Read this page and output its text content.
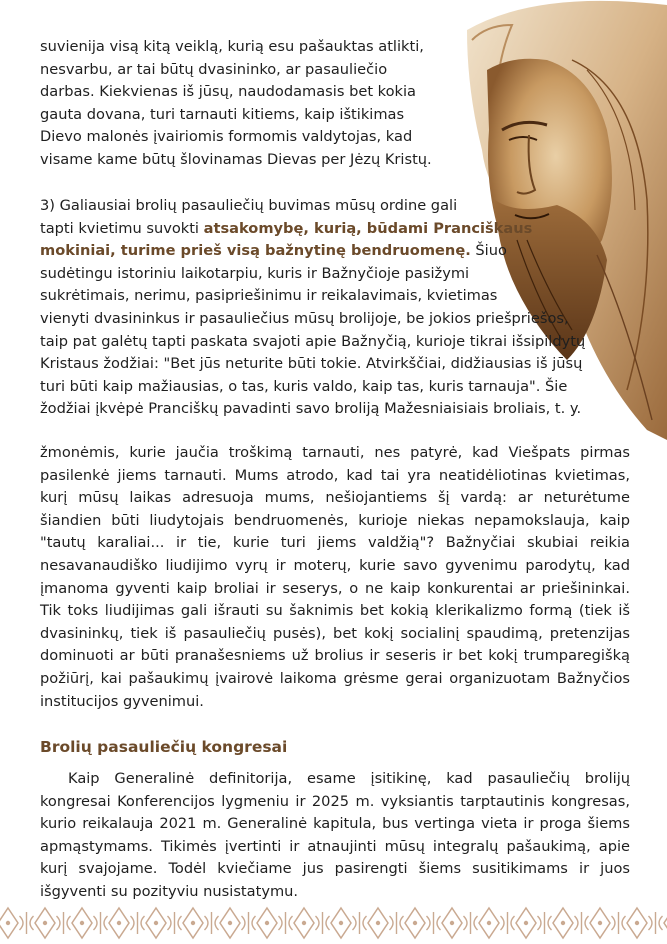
suvienija visą kitą veiklą, kurią esu pašauktas atlikti,
nesvarbu, ar tai būtų dvasininko, ar pasauliečio
darbas. Kiekvienas iš jūsų, naudodamasis bet kokia
gauta dovana, turi tarnauti kitiems, kaip ištikimas
Dievo malonės įvairiomis formomis valdytojas, kad
visame kame būtų šlovinamas Dievas per Jėzų Kristų.
3) Galiausiai brolių pasauliečių buvimas mūsų ordine gali
tapti kvietimu suvokti atsakomybę, kurią, būdami Pranciškaus
mokiniai, turime prieš visą bažnytinę bendruomenę. Šiuo
sudėtingu istoriniu laikotarpiu, kuris ir Bažnyčioje pasižymi
sukrėtimais, nerimu, pasipriešinimu ir reikalavimais, kvietimas
vienyti dvasininkus ir pasauliečius mūsų brolijoje, be jokios priešpriešos,
taip pat galėtų tapti paskata svajoti apie Bažnyčią, kurioje tikrai išsipildytų
Kristaus žodžiai: "Bet jūs neturite būti tokie. Atvirkščiai, didžiausias iš jūsų
turi būti kaip mažiausias, o tas, kuris valdo, kaip tas, kuris tarnauja". Šie
žodžiai įkvėpė Pranciškų pavadinti savo broliją Mažesniaisiais broliais, t. y.
žmonėmis, kurie jaučia troškimą tarnauti, nes patyrė, kad Viešpats pirmas pasilenkė jiems tarnauti. Mums atrodo, kad tai yra neatidėliotinas kvietimas, kurį mūsų laikas adresuoja mums, nešiojantiems šį vardą: ar neturėtume šiandien būti liudytojais bendruomenės, kurioje niekas nepamokslauja, kaip "tautų karaliai... ir tie, kurie turi jiems valdžią"? Bažnyčiai skubiai reikia nesavanaudiško liudijimo vyrų ir moterų, kurie savo gyvenimu parodytų, kad įmanoma gyventi kaip broliai ir seserys, o ne kaip konkurentai ar priešininkai. Tik toks liudijimas gali išrauti su šaknimis bet kokią klerikalizmo formą (tiek iš dvasininkų, tiek iš pasauliečių pusės), bet kokį socialinį spaudimą, pretenzijas dominuoti ar būti pranašesniems už brolius ir seseris ir bet kokį trumparegišką požiūrį, kai pašaukimų įvairovė laikoma grėsme gerai organizuotam Bažnyčios institucijos gyvenimui.
Brolių pasauliečių kongresai
Kaip Generalinė definitorija, esame įsitikinę, kad pasauliečių brolijų kongresai Konferencijos lygmeniu ir 2025 m. vyksiantis tarptautinis kongresas, kurio reikalauja 2021 m. Generalinė kapitula, bus vertinga vieta ir proga šiems apmąstymams. Tikimės įvertinti ir atnaujinti mūsų integralų pašaukimą, apie kurį svajojame. Todėl kviečiame jus pasirengti šiems susitikimams ir juos išgyventi su pozityviu nusistatymu.
